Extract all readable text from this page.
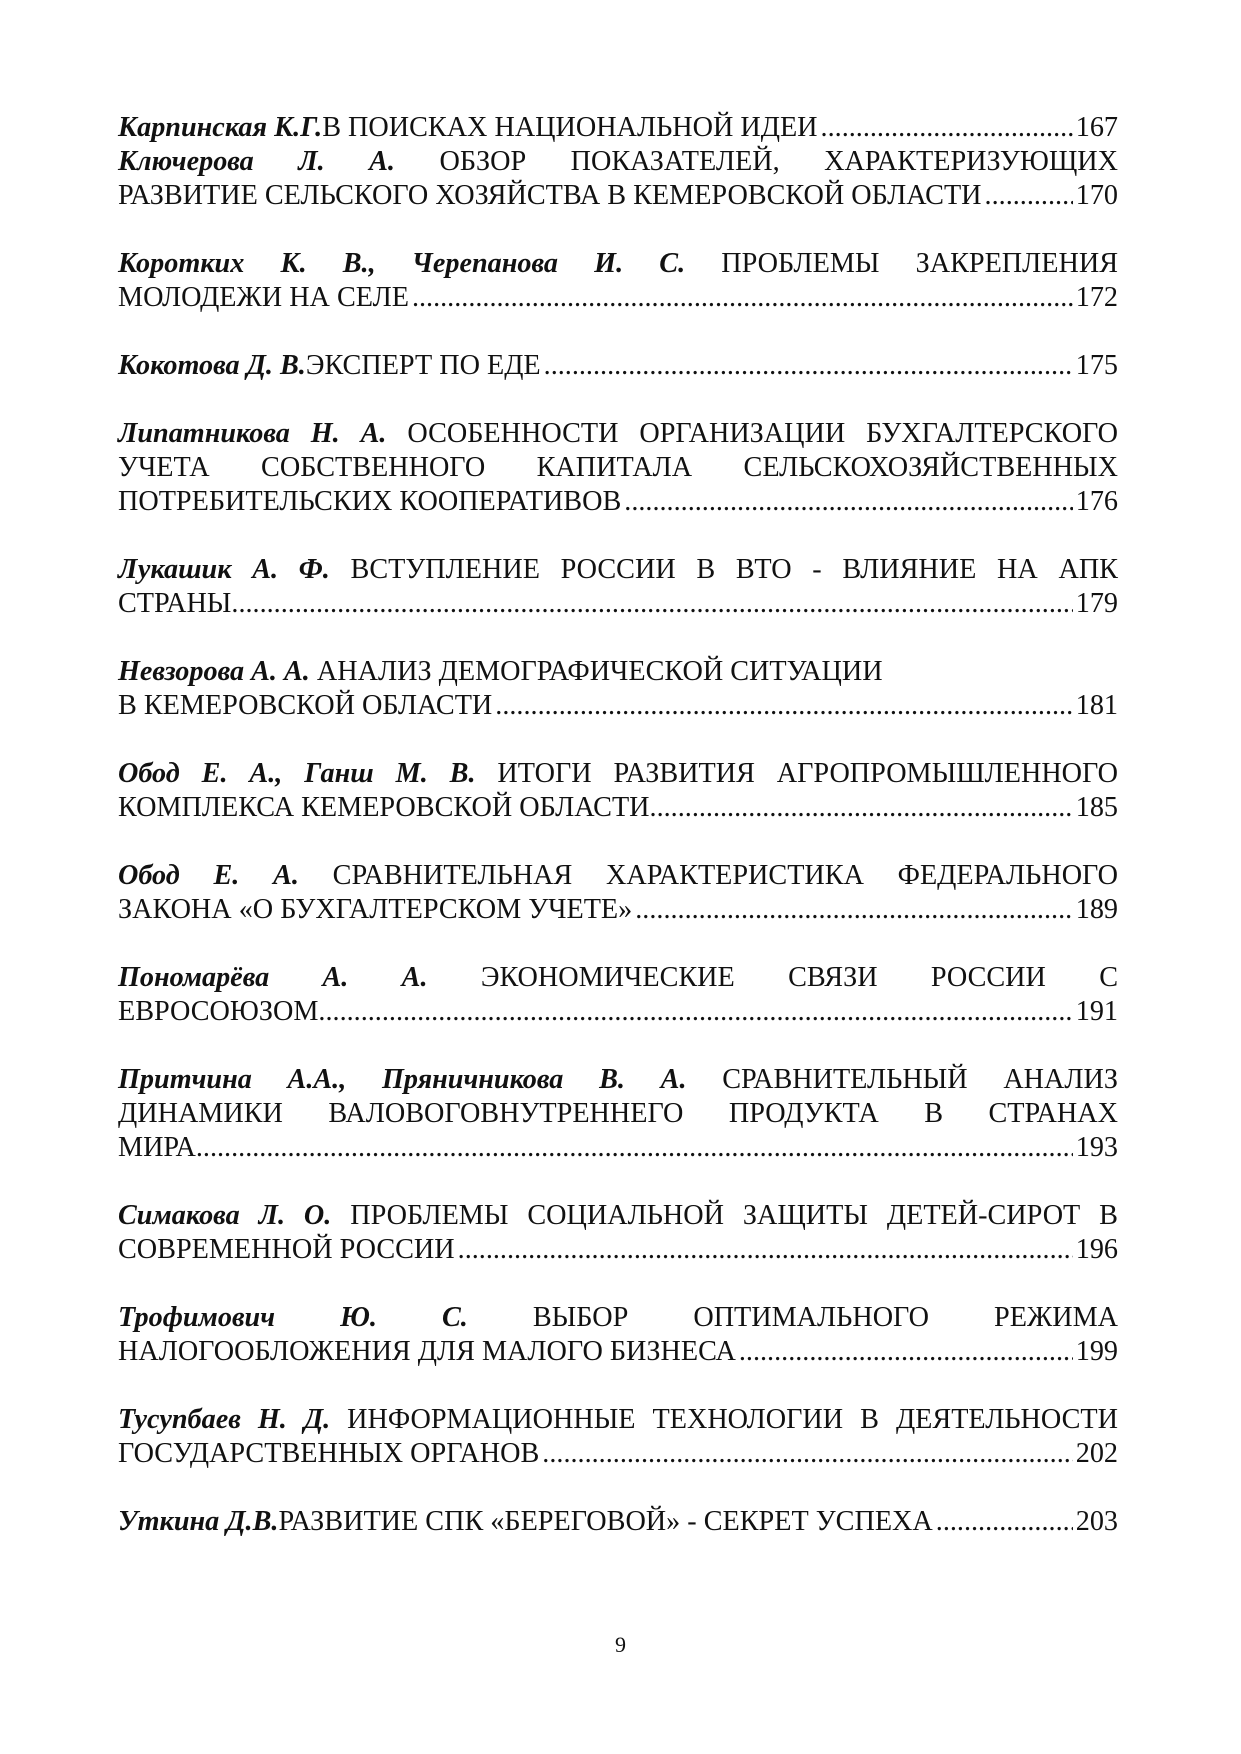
Карпинская К.Г. В ПОИСКАХ НАЦИОНАЛЬНОЙ ИДЕИ .....	167
Ключерова Л. А. ОБЗОР ПОКАЗАТЕЛЕЙ, ХАРАКТЕРИЗУЮЩИХ
РАЗВИТИЕ СЕЛЬСКОГО ХОЗЯЙСТВА В КЕМЕРОВСКОЙ ОБЛАСТИ .....	170
Коротких К. В., Черепанова И. С. ПРОБЛЕМЫ ЗАКРЕПЛЕНИЯ
МОЛОДЕЖИ НА СЕЛЕ .....	172
Кокотова Д. В. ЭКСПЕРТ ПО ЕДЕ .....	175
Липатникова Н. А. ОСОБЕННОСТИ ОРГАНИЗАЦИИ БУХГАЛТЕРСКОГО
УЧЕТА СОБСТВЕННОГО КАПИТАЛА СЕЛЬСКОХОЗЯЙСТВЕННЫХ
ПОТРЕБИТЕЛЬСКИХ КООПЕРАТИВОВ .....	176
Лукашик А. Ф. ВСТУПЛЕНИЕ РОССИИ В ВТО - ВЛИЯНИЕ НА АПК
СТРАНЫ .....	179
Невзорова А. А. АНАЛИЗ ДЕМОГРАФИЧЕСКОЙ СИТУАЦИИ
В КЕМЕРОВСКОЙ ОБЛАСТИ .....	181
Обод Е. А., Ганш М. В. ИТОГИ РАЗВИТИЯ АГРОПРОМЫШЛЕННОГО
КОМПЛЕКСА КЕМЕРОВСКОЙ ОБЛАСТИ .....	185
Обод Е. А. СРАВНИТЕЛЬНАЯ ХАРАКТЕРИСТИКА ФЕДЕРАЛЬНОГО
ЗАКОНА «О БУХГАЛТЕРСКОМ УЧЕТЕ» .....	189
Пономарёва А. А. ЭКОНОМИЧЕСКИЕ СВЯЗИ РОССИИ С
ЕВРОСОЮЗОМ .....	191
Притчина А.А., Пряничникова В. А. СРАВНИТЕЛЬНЫЙ АНАЛИЗ
ДИНАМИКИ ВАЛОВОГОВНУТРЕННЕГО ПРОДУКТА В СТРАНАХ
МИРА .....	193
Симакова Л. О. ПРОБЛЕМЫ СОЦИАЛЬНОЙ ЗАЩИТЫ ДЕТЕЙ-СИРОТ В
СОВРЕМЕННОЙ РОССИИ .....	196
Трофимович Ю. С. ВЫБОР ОПТИМАЛЬНОГО РЕЖИМА
НАЛОГООБЛОЖЕНИЯ ДЛЯ МАЛОГО БИЗНЕСА .....	199
Тусупбаев Н. Д. ИНФОРМАЦИОННЫЕ ТЕХНОЛОГИИ В ДЕЯТЕЛЬНОСТИ
ГОСУДАРСТВЕННЫХ ОРГАНОВ .....	202
Уткина Д.В. РАЗВИТИЕ СПК «БЕРЕГОВОЙ» - СЕКРЕТ УСПЕХА .....	203
9
